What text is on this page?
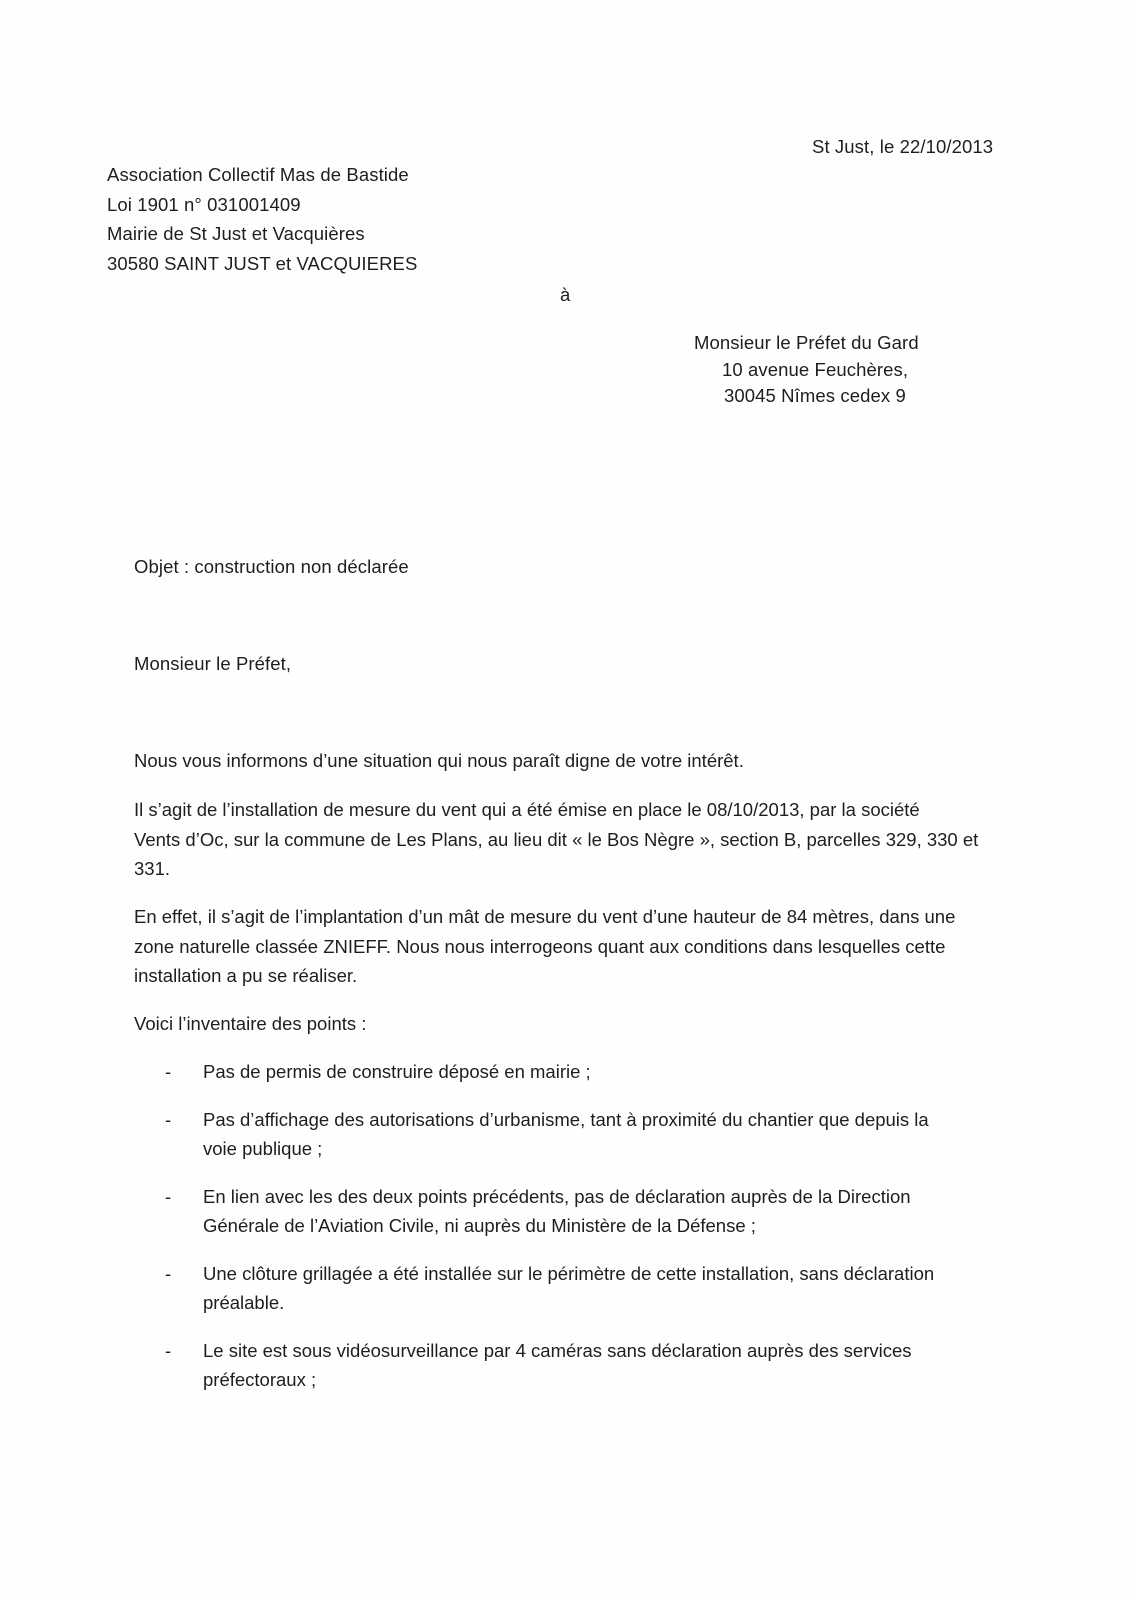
St Just, le 22/10/2013
Association Collectif Mas de Bastide
Loi 1901 n° 031001409
Mairie de St Just et Vacquières
30580 SAINT JUST et VACQUIERES
à
Monsieur le Préfet du Gard
10 avenue Feuchères,
30045 Nîmes cedex 9
Objet : construction non déclarée
Monsieur le Préfet,
Nous vous informons d’une situation qui nous paraît digne de votre intérêt.
Il s’agit de l’installation de mesure du vent qui a été émise en place le 08/10/2013, par la société
Vents d’Oc, sur la commune de Les Plans, au lieu dit « le Bos Nègre », section B, parcelles 329, 330 et
331.
En effet, il s’agit de l’implantation d’un mât de mesure du vent d’une hauteur de 84 mètres, dans une
zone naturelle classée ZNIEFF. Nous nous interrogeons quant aux conditions dans lesquelles cette
installation a pu se réaliser.
Voici l’inventaire des points :
- Pas de permis de construire déposé en mairie ;
- Pas d’affichage des autorisations d’urbanisme, tant à proximité du chantier que depuis la
voie publique ;
- En lien avec les des deux points précédents, pas de déclaration auprès de la Direction
Générale de l’Aviation Civile, ni auprès du Ministère de la Défense ;
- Une clôture grillagée a été installée sur le périmètre de cette installation, sans déclaration
préalable.
- Le site est sous vidéosurveillance par 4 caméras sans déclaration auprès des services
préfectoraux ;
